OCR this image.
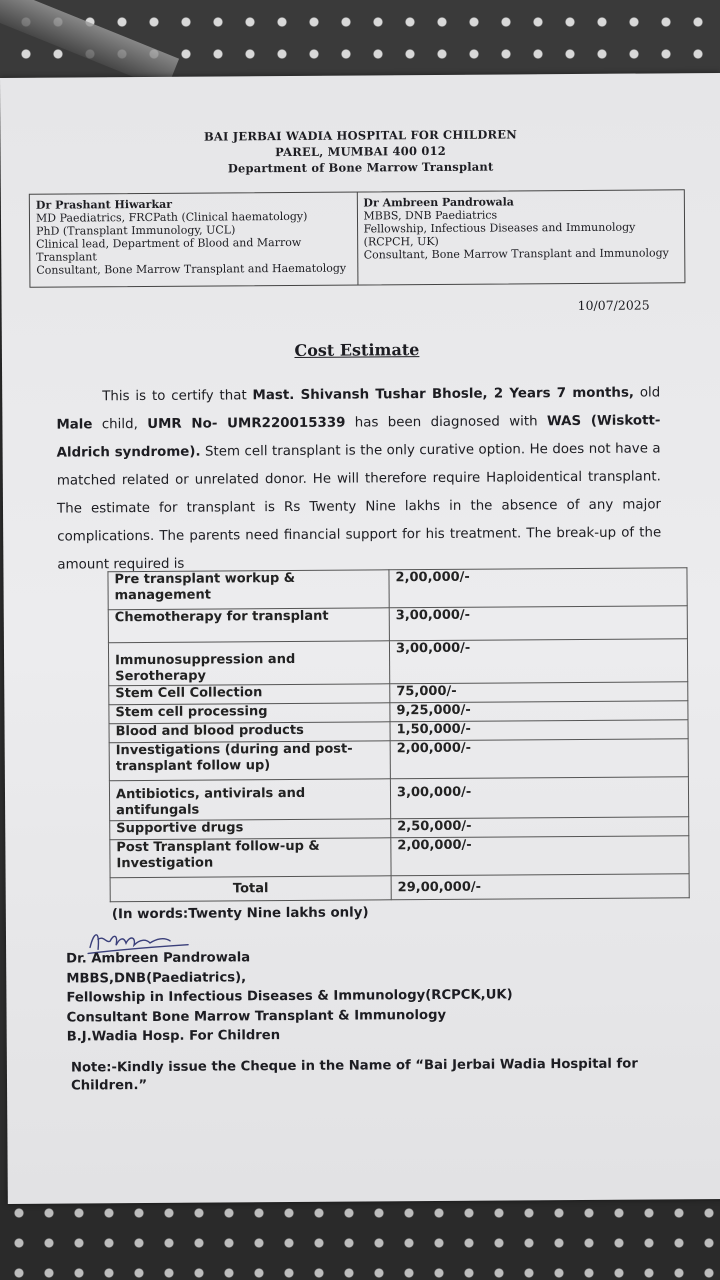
BAI JERBAI WADIA HOSPITAL FOR CHILDREN
PAREL, MUMBAI 400 012
Department of Bone Marrow Transplant
Dr Prashant Hiwarkar
MD Paediatrics, FRCPath (Clinical haematology)
PhD (Transplant Immunology, UCL)
Clinical lead, Department of Blood and Marrow Transplant
Consultant, Bone Marrow Transplant and Haematology
Dr Ambreen Pandrowala
MBBS, DNB Paediatrics
Fellowship, Infectious Diseases and Immunology
(RCPCH, UK)
Consultant, Bone Marrow Transplant and Immunology
10/07/2025
Cost Estimate

This is to certify that Mast. Shivansh Tushar Bhosle, 2 Years 7 months, old Male child, UMR No- UMR220015339 has been diagnosed with WAS (Wiskott-Aldrich syndrome). Stem cell transplant is the only curative option. He does not have a matched related or unrelated donor. He will therefore require Haploidentical transplant. The estimate for transplant is Rs Twenty Nine lakhs in the absence of any major complications. The parents need financial support for his treatment. The break-up of the amount required is

Pre transplant workup & management	2,00,000/-
Chemotherapy for transplant	3,00,000/-
Immunosuppression and Serotherapy	3,00,000/-
Stem Cell Collection	75,000/-
Stem cell processing	9,25,000/-
Blood and blood products	1,50,000/-
Investigations (during and post-transplant follow up)	2,00,000/-
Antibiotics, antivirals and antifungals	3,00,000/-
Supportive drugs	2,50,000/-
Post Transplant follow-up & Investigation	2,00,000/-
Total	29,00,000/-
(In words:Twenty Nine lakhs only)
Dr. Ambreen Pandrowala
MBBS,DNB(Paediatrics),
Fellowship in Infectious Diseases & Immunology(RCPCK,UK)
Consultant Bone Marrow Transplant & Immunology
B.J.Wadia Hosp. For Children
Note:-Kindly issue the Cheque in the Name of “Bai Jerbai Wadia Hospital for Children.”
